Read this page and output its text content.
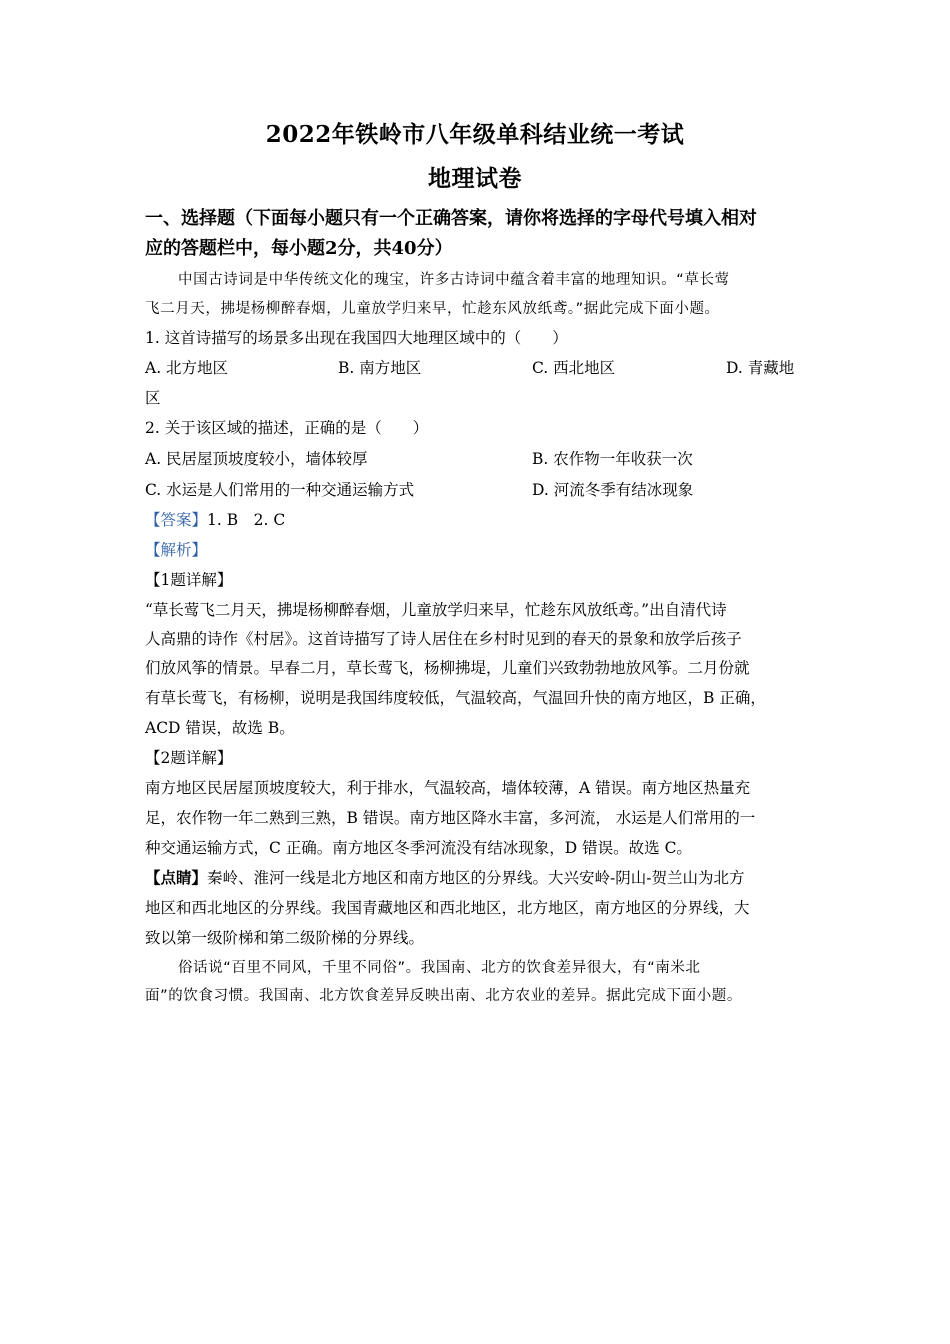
2022年铁岭市八年级单科结业统一考试
地理试卷
一、选择题（下面每小题只有一个正确答案，请你将选择的字母代号填入相对
应的答题栏中，每小题2分，共40分）
中国古诗词是中华传统文化的瑰宝，许多古诗词中蕴含着丰富的地理知识。“草长莺
飞二月天，拂堤杨柳醉春烟，儿童放学归来早，忙趁东风放纸鸢。”据此完成下面小题。
1. 这首诗描写的场景多出现在我国四大地理区域中的（　　）
A. 北方地区	B. 南方地区	C. 西北地区	D. 青藏地
区
2. 关于该区域的描述，正确的是（　　）
A. 民居屋顶坡度较小，墙体较厚	B. 农作物一年收获一次
C. 水运是人们常用的一种交通运输方式	D. 河流冬季有结冰现象
【答案】1. B　2. C
【解析】
【1题详解】
“草长莺飞二月天，拂堤杨柳醉春烟，儿童放学归来早，忙趁东风放纸鸢。”出自清代诗
人高鼎的诗作《村居》。这首诗描写了诗人居住在乡村时见到的春天的景象和放学后孩子
们放风筝的情景。早春二月，草长莺飞，杨柳拂堤，儿童们兴致勃勃地放风筝。二月份就
有草长莺飞，有杨柳，说明是我国纬度较低，气温较高，气温回升快的南方地区，B 正确，
ACD 错误，故选 B。
【2题详解】
南方地区民居屋顶坡度较大，利于排水，气温较高，墙体较薄，A 错误。南方地区热量充
足，农作物一年二熟到三熟，B 错误。南方地区降水丰富，多河流， 水运是人们常用的一
种交通运输方式，C 正确。南方地区冬季河流没有结冰现象，D 错误。故选 C。
【点睛】秦岭、淮河一线是北方地区和南方地区的分界线。大兴安岭-阴山-贺兰山为北方
地区和西北地区的分界线。我国青藏地区和西北地区，北方地区，南方地区的分界线，大
致以第一级阶梯和第二级阶梯的分界线。
俗话说“百里不同风，千里不同俗”。我国南、北方的饮食差异很大，有“南米北
面”的饮食习惯。我国南、北方饮食差异反映出南、北方农业的差异。据此完成下面小题。
